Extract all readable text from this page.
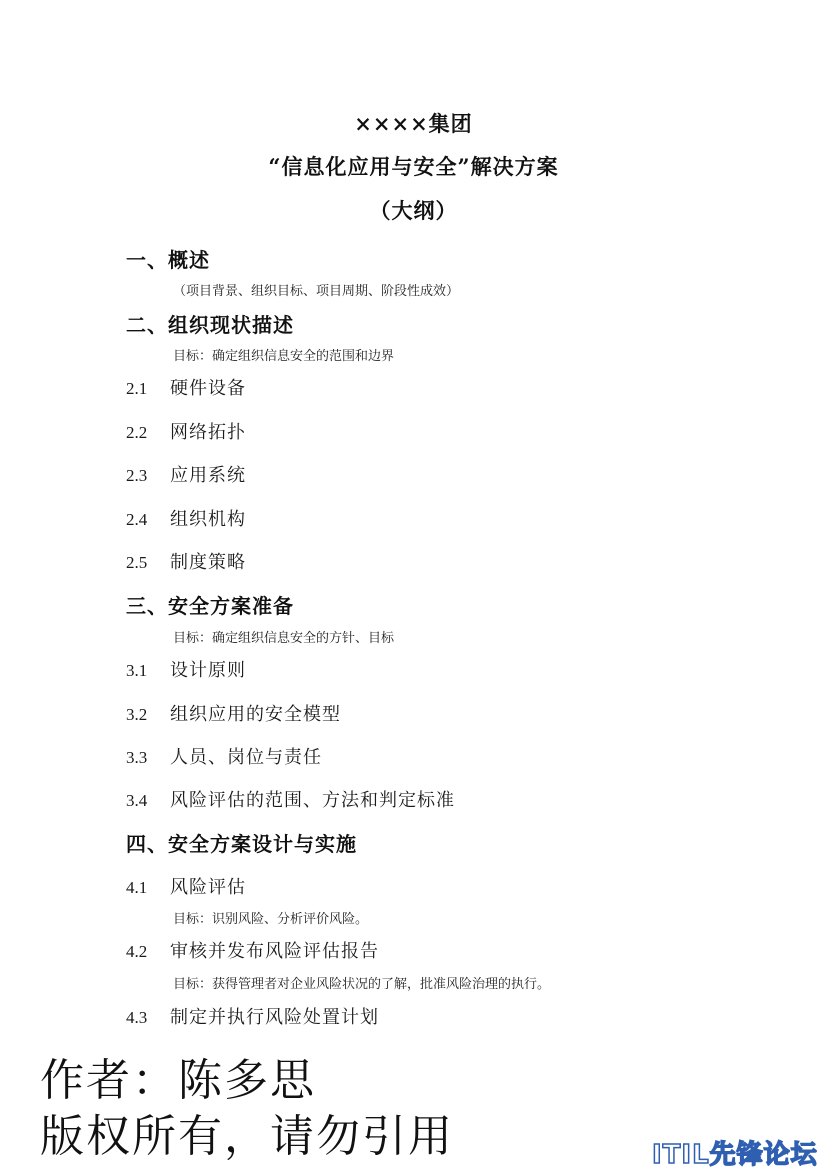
××××集团
“信息化应用与安全”解决方案
（大纲）
一、概述
（项目背景、组织目标、项目周期、阶段性成效）
二、组织现状描述
目标：确定组织信息安全的范围和边界
2.1 硬件设备
2.2 网络拓扑
2.3 应用系统
2.4 组织机构
2.5 制度策略
三、安全方案准备
目标：确定组织信息安全的方针、目标
3.1 设计原则
3.2 组织应用的安全模型
3.3 人员、岗位与责任
3.4 风险评估的范围、方法和判定标准
四、安全方案设计与实施
4.1 风险评估
目标：识别风险、分析评价风险。
4.2 审核并发布风险评估报告
目标：获得管理者对企业风险状况的了解，批准风险治理的执行。
4.3 制定并执行风险处置计划
作者：陈多思
版权所有，请勿引用	ITIL先锋论坛
